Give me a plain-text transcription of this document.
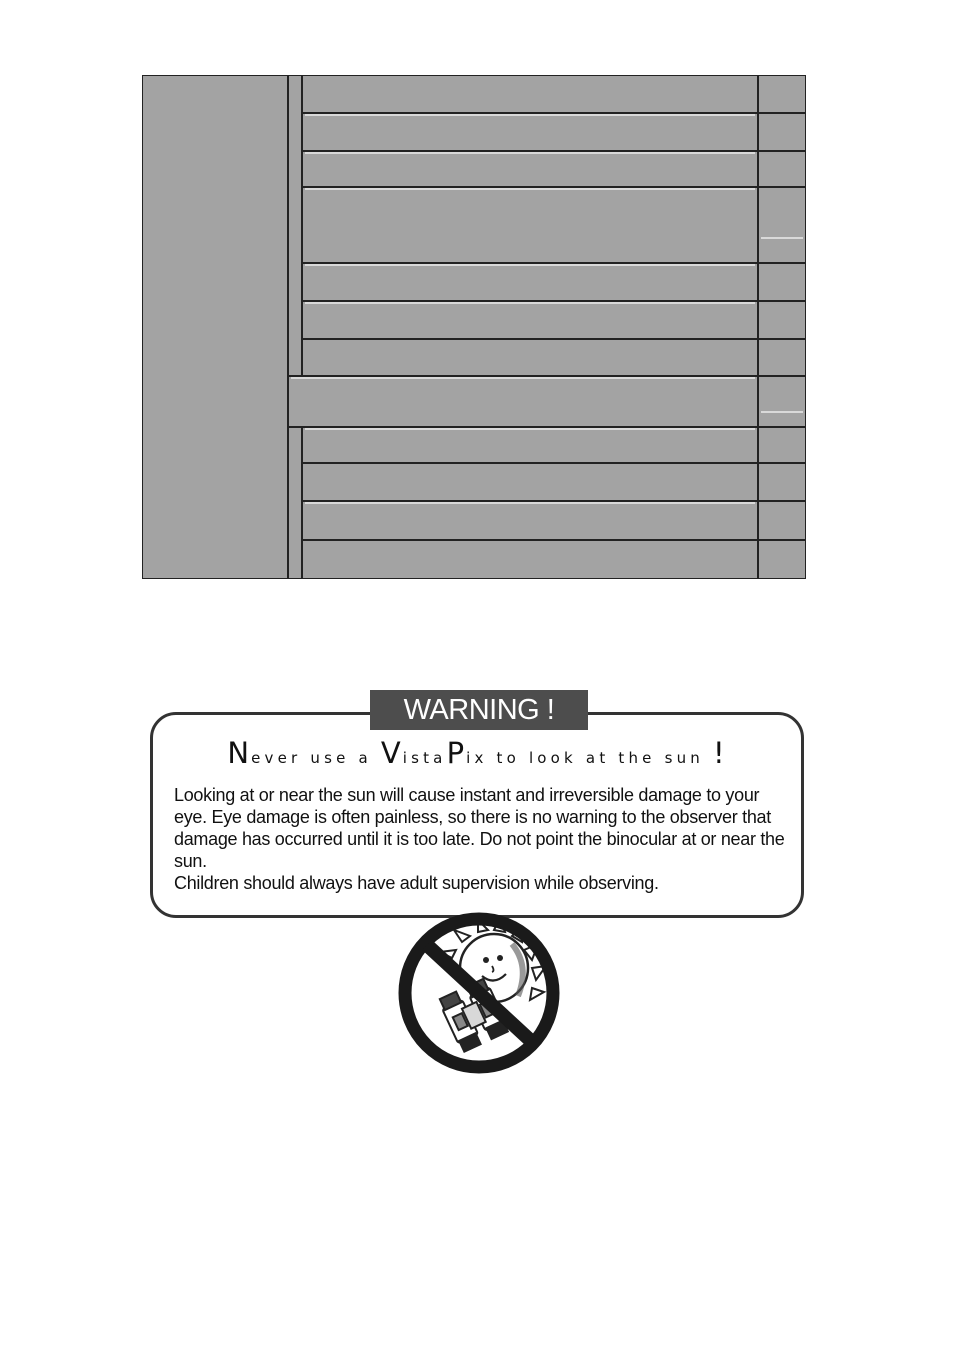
WARNING !
Never use a VistaPix to look at the sun !

Looking at or near the sun will cause instant and irreversible damage to your eye. Eye damage is often painless, so there is no warning to the observer that damage has occurred until it is too late. Do not point the binocular at or near the sun.

Children should always have adult supervision while observing.
